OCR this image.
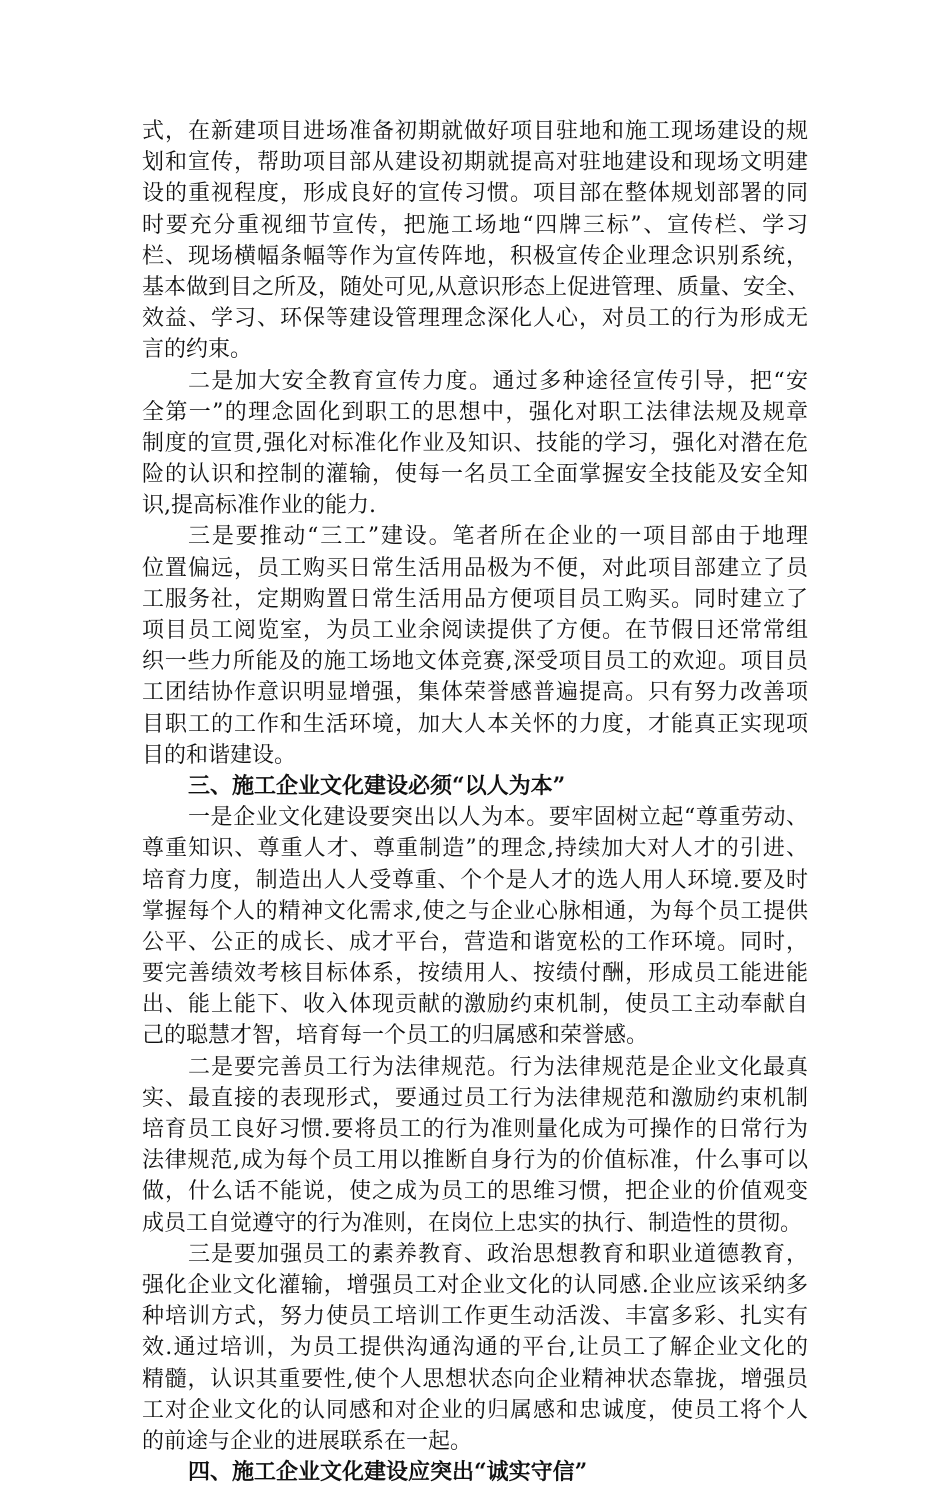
式，在新建项目进场准备初期就做好项目驻地和施工现场建设的规
划和宣传，帮助项目部从建设初期就提高对驻地建设和现场文明建
设的重视程度，形成良好的宣传习惯。项目部在整体规划部署的同
时要充分重视细节宣传，把施工场地“四牌三标”、宣传栏、学习
栏、现场横幅条幅等作为宣传阵地，积极宣传企业理念识别系统，
基本做到目之所及，随处可见,从意识形态上促进管理、质量、安全、
效益、学习、环保等建设管理理念深化人心，对员工的行为形成无
言的约束。
二是加大安全教育宣传力度。通过多种途径宣传引导，把“安
全第一”的理念固化到职工的思想中，强化对职工法律法规及规章
制度的宣贯,强化对标准化作业及知识、技能的学习，强化对潜在危
险的认识和控制的灌输，使每一名员工全面掌握安全技能及安全知
识,提高标准作业的能力.
三是要推动“三工”建设。笔者所在企业的一项目部由于地理
位置偏远，员工购买日常生活用品极为不便，对此项目部建立了员
工服务社，定期购置日常生活用品方便项目员工购买。同时建立了
项目员工阅览室，为员工业余阅读提供了方便。在节假日还常常组
织一些力所能及的施工场地文体竞赛,深受项目员工的欢迎。项目员
工团结协作意识明显增强，集体荣誉感普遍提高。只有努力改善项
目职工的工作和生活环境，加大人本关怀的力度，才能真正实现项
目的和谐建设。
三、施工企业文化建设必须“以人为本”
一是企业文化建设要突出以人为本。要牢固树立起“尊重劳动、
尊重知识、尊重人才、尊重制造”的理念,持续加大对人才的引进、
培育力度，制造出人人受尊重、个个是人才的选人用人环境.要及时
掌握每个人的精神文化需求,使之与企业心脉相通，为每个员工提供
公平、公正的成长、成才平台，营造和谐宽松的工作环境。同时，
要完善绩效考核目标体系，按绩用人、按绩付酬，形成员工能进能
出、能上能下、收入体现贡献的激励约束机制，使员工主动奉献自
己的聪慧才智，培育每一个员工的归属感和荣誉感。
二是要完善员工行为法律规范。行为法律规范是企业文化最真
实、最直接的表现形式，要通过员工行为法律规范和激励约束机制
培育员工良好习惯.要将员工的行为准则量化成为可操作的日常行为
法律规范,成为每个员工用以推断自身行为的价值标准，什么事可以
做，什么话不能说，使之成为员工的思维习惯，把企业的价值观变
成员工自觉遵守的行为准则，在岗位上忠实的执行、制造性的贯彻。
三是要加强员工的素养教育、政治思想教育和职业道德教育，
强化企业文化灌输，增强员工对企业文化的认同感.企业应该采纳多
种培训方式，努力使员工培训工作更生动活泼、丰富多彩、扎实有
效.通过培训，为员工提供沟通沟通的平台,让员工了解企业文化的
精髓，认识其重要性,使个人思想状态向企业精神状态靠拢，增强员
工对企业文化的认同感和对企业的归属感和忠诚度，使员工将个人
的前途与企业的进展联系在一起。
四、施工企业文化建设应突出“诚实守信”
